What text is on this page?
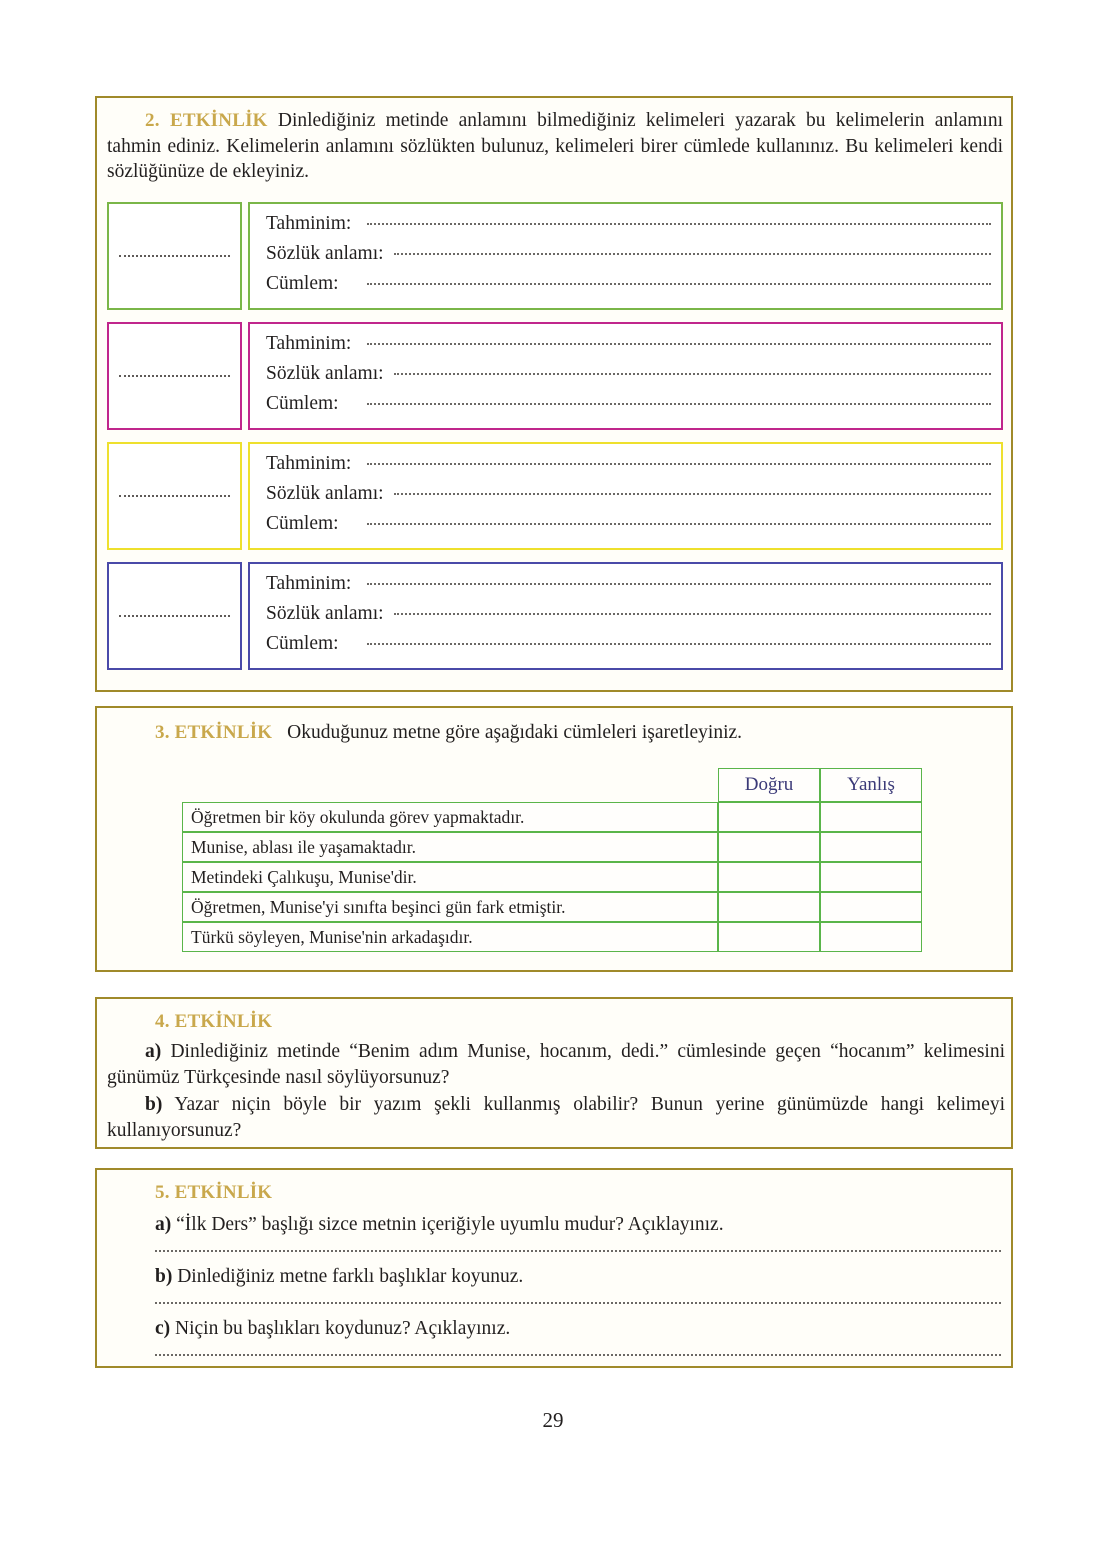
2. ETKİNLİK Dinlediğiniz metinde anlamını bilmediğiniz kelimeleri yazarak bu kelimelerin anlamını tahmin ediniz. Kelimelerin anlamını sözlükten bulunuz, kelimeleri birer cümlede kullanınız. Bu kelimeleri kendi sözlüğünüze de ekleyiniz.
Tahminim:
Sözlük anlamı:
Cümlem:
Tahminim:
Sözlük anlamı:
Cümlem:
Tahminim:
Sözlük anlamı:
Cümlem:
Tahminim:
Sözlük anlamı:
Cümlem:
3. ETKİNLİK Okuduğunuz metne göre aşağıdaki cümleleri işaretleyiniz.
	Doğru	Yanlış
Öğretmen bir köy okulunda görev yapmaktadır.		
Munise, ablası ile yaşamaktadır.		
Metindeki Çalıkuşu, Munise'dir.		
Öğretmen, Munise'yi sınıfta beşinci gün fark etmiştir.		
Türkü söyleyen, Munise'nin arkadaşıdır.		
4. ETKİNLİK

a) Dinlediğiniz metinde “Benim adım Munise, hocanım, dedi.” cümlesinde geçen “hocanım” kelimesini günümüz Türkçesinde nasıl söylüyorsunuz?

b) Yazar niçin böyle bir yazım şekli kullanmış olabilir? Bunun yerine günümüzde hangi kelimeyi kullanıyorsunuz?

5. ETKİNLİK
a) “İlk Ders” başlığı sizce metnin içeriğiyle uyumlu mudur? Açıklayınız.
b) Dinlediğiniz metne farklı başlıklar koyunuz.
c) Niçin bu başlıkları koydunuz? Açıklayınız.
29
